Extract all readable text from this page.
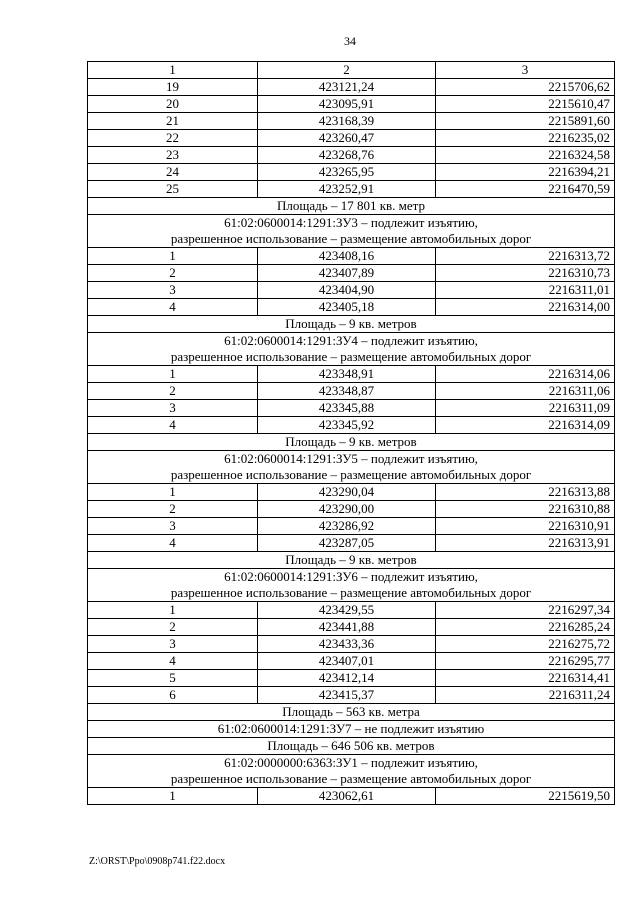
34
1	2	3
19	423121,24	2215706,62
20	423095,91	2215610,47
21	423168,39	2215891,60
22	423260,47	2216235,02
23	423268,76	2216324,58
24	423265,95	2216394,21
25	423252,91	2216470,59

Площадь – 17 801 кв. метр		

61:02:0600014:1291:ЗУ3 – подлежит изъятию,
разрешенное использование – размещение автомобильных дорог		

1	423408,16	2216313,72
2	423407,89	2216310,73
3	423404,90	2216311,01
4	423405,18	2216314,00

Площадь – 9 кв. метров		

61:02:0600014:1291:ЗУ4 – подлежит изъятию,
разрешенное использование – размещение автомобильных дорог		

1	423348,91	2216314,06
2	423348,87	2216311,06
3	423345,88	2216311,09
4	423345,92	2216314,09

Площадь – 9 кв. метров		

61:02:0600014:1291:ЗУ5 – подлежит изъятию,
разрешенное использование – размещение автомобильных дорог		

1	423290,04	2216313,88
2	423290,00	2216310,88
3	423286,92	2216310,91
4	423287,05	2216313,91

Площадь – 9 кв. метров		

61:02:0600014:1291:ЗУ6 – подлежит изъятию,
разрешенное использование – размещение автомобильных дорог		

1	423429,55	2216297,34
2	423441,88	2216285,24
3	423433,36	2216275,72
4	423407,01	2216295,77
5	423412,14	2216314,41
6	423415,37	2216311,24

Площадь – 563 кв. метра		

61:02:0600014:1291:ЗУ7 – не подлежит изъятию		

Площадь – 646 506 кв. метров		

61:02:0000000:6363:ЗУ1 – подлежит изъятию,
разрешенное использование – размещение автомобильных дорог		

1	423062,61	2215619,50
Z:\ORST\Ppo\0908p741.f22.docx
